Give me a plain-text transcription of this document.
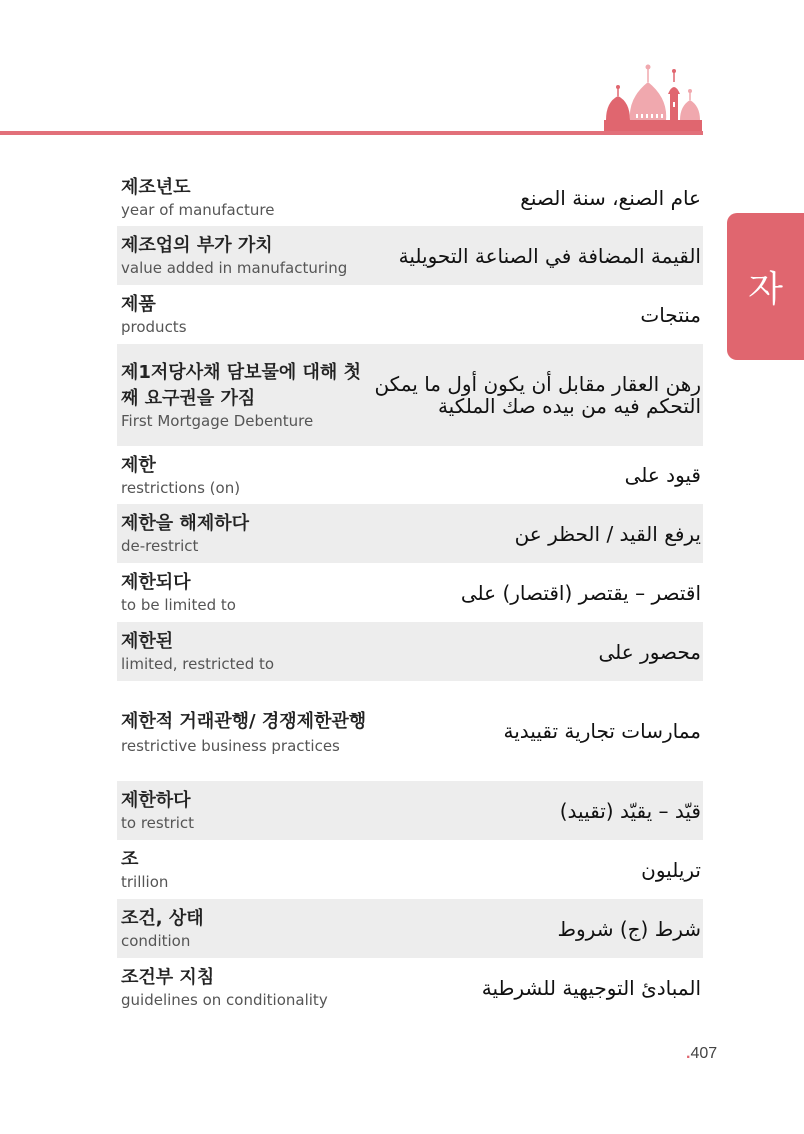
자
제조년도
year of manufacture
عام الصنع، سنة الصنع
제조업의 부가 가치
value added in manufacturing
القيمة المضافة في الصناعة التحويلية
제품
products
منتجات
제1저당사채 담보물에 대해 첫 째 요구권을 가짐
First Mortgage Debenture
رهن العقار مقابل أن يكون أول ما يمكن التحكم فيه من بيده صك الملكية
제한
restrictions (on)
قيود على
제한을 해제하다
de-restrict
يرفع القيد / الحظر عن
제한되다
to be limited to
اقتصر – يقتصر (اقتصار) على
제한된
limited, restricted to
محصور على
제한적 거래관행/ 경쟁제한관행
restrictive business practices
ممارسات تجارية تقييدية
제한하다
to restrict
قيّد – يقيّد (تقييد)
조
trillion
تريليون
조건, 상태
condition
شرط (ج) شروط
조건부 지침
guidelines on conditionality
المبادئ التوجيهية للشرطية
.407
